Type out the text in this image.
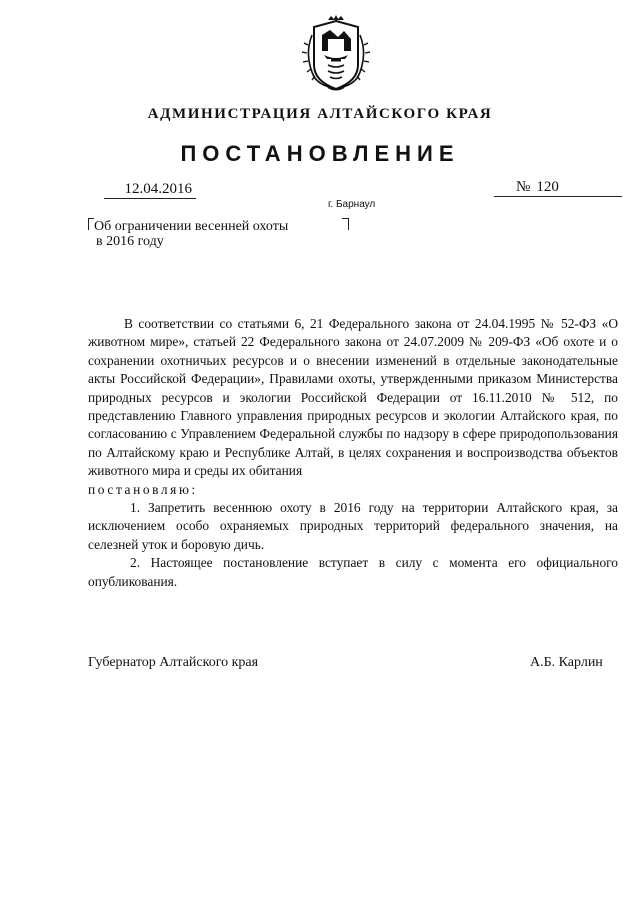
АДМИНИСТРАЦИЯ АЛТАЙСКОГО КРАЯ
ПОСТАНОВЛЕНИЕ
12.04.2016	№ 120
г. Барнаул
Об ограничении весенней охоты
в 2016 году

В соответствии со статьями 6, 21 Федерального закона от 24.04.1995 № 52-ФЗ «О животном мире», статьей 22 Федерального закона от 24.07.2009 № 209-ФЗ «Об охоте и о сохранении охотничьих ресурсов и о внесении изменений в отдельные законодательные акты Российской Федерации», Правилами охоты, утвержденными приказом Министерства природных ресурсов и экологии Российской Федерации от 16.11.2010 № 512, по представлению Главного управления природных ресурсов и экологии Алтайского края, по согласованию с Управлением Федеральной службы по надзору в сфере природопользования по Алтайскому краю и Республике Алтай, в целях сохранения и воспроизводства объектов животного мира и среды их обитания

постановляю:

1. Запретить весеннюю охоту в 2016 году на территории Алтайского края, за исключением особо охраняемых природных территорий федерального значения, на селезней уток и боровую дичь.

2. Настоящее постановление вступает в силу с момента его официального опубликования.

Губернатор Алтайского края	А.Б. Карлин
